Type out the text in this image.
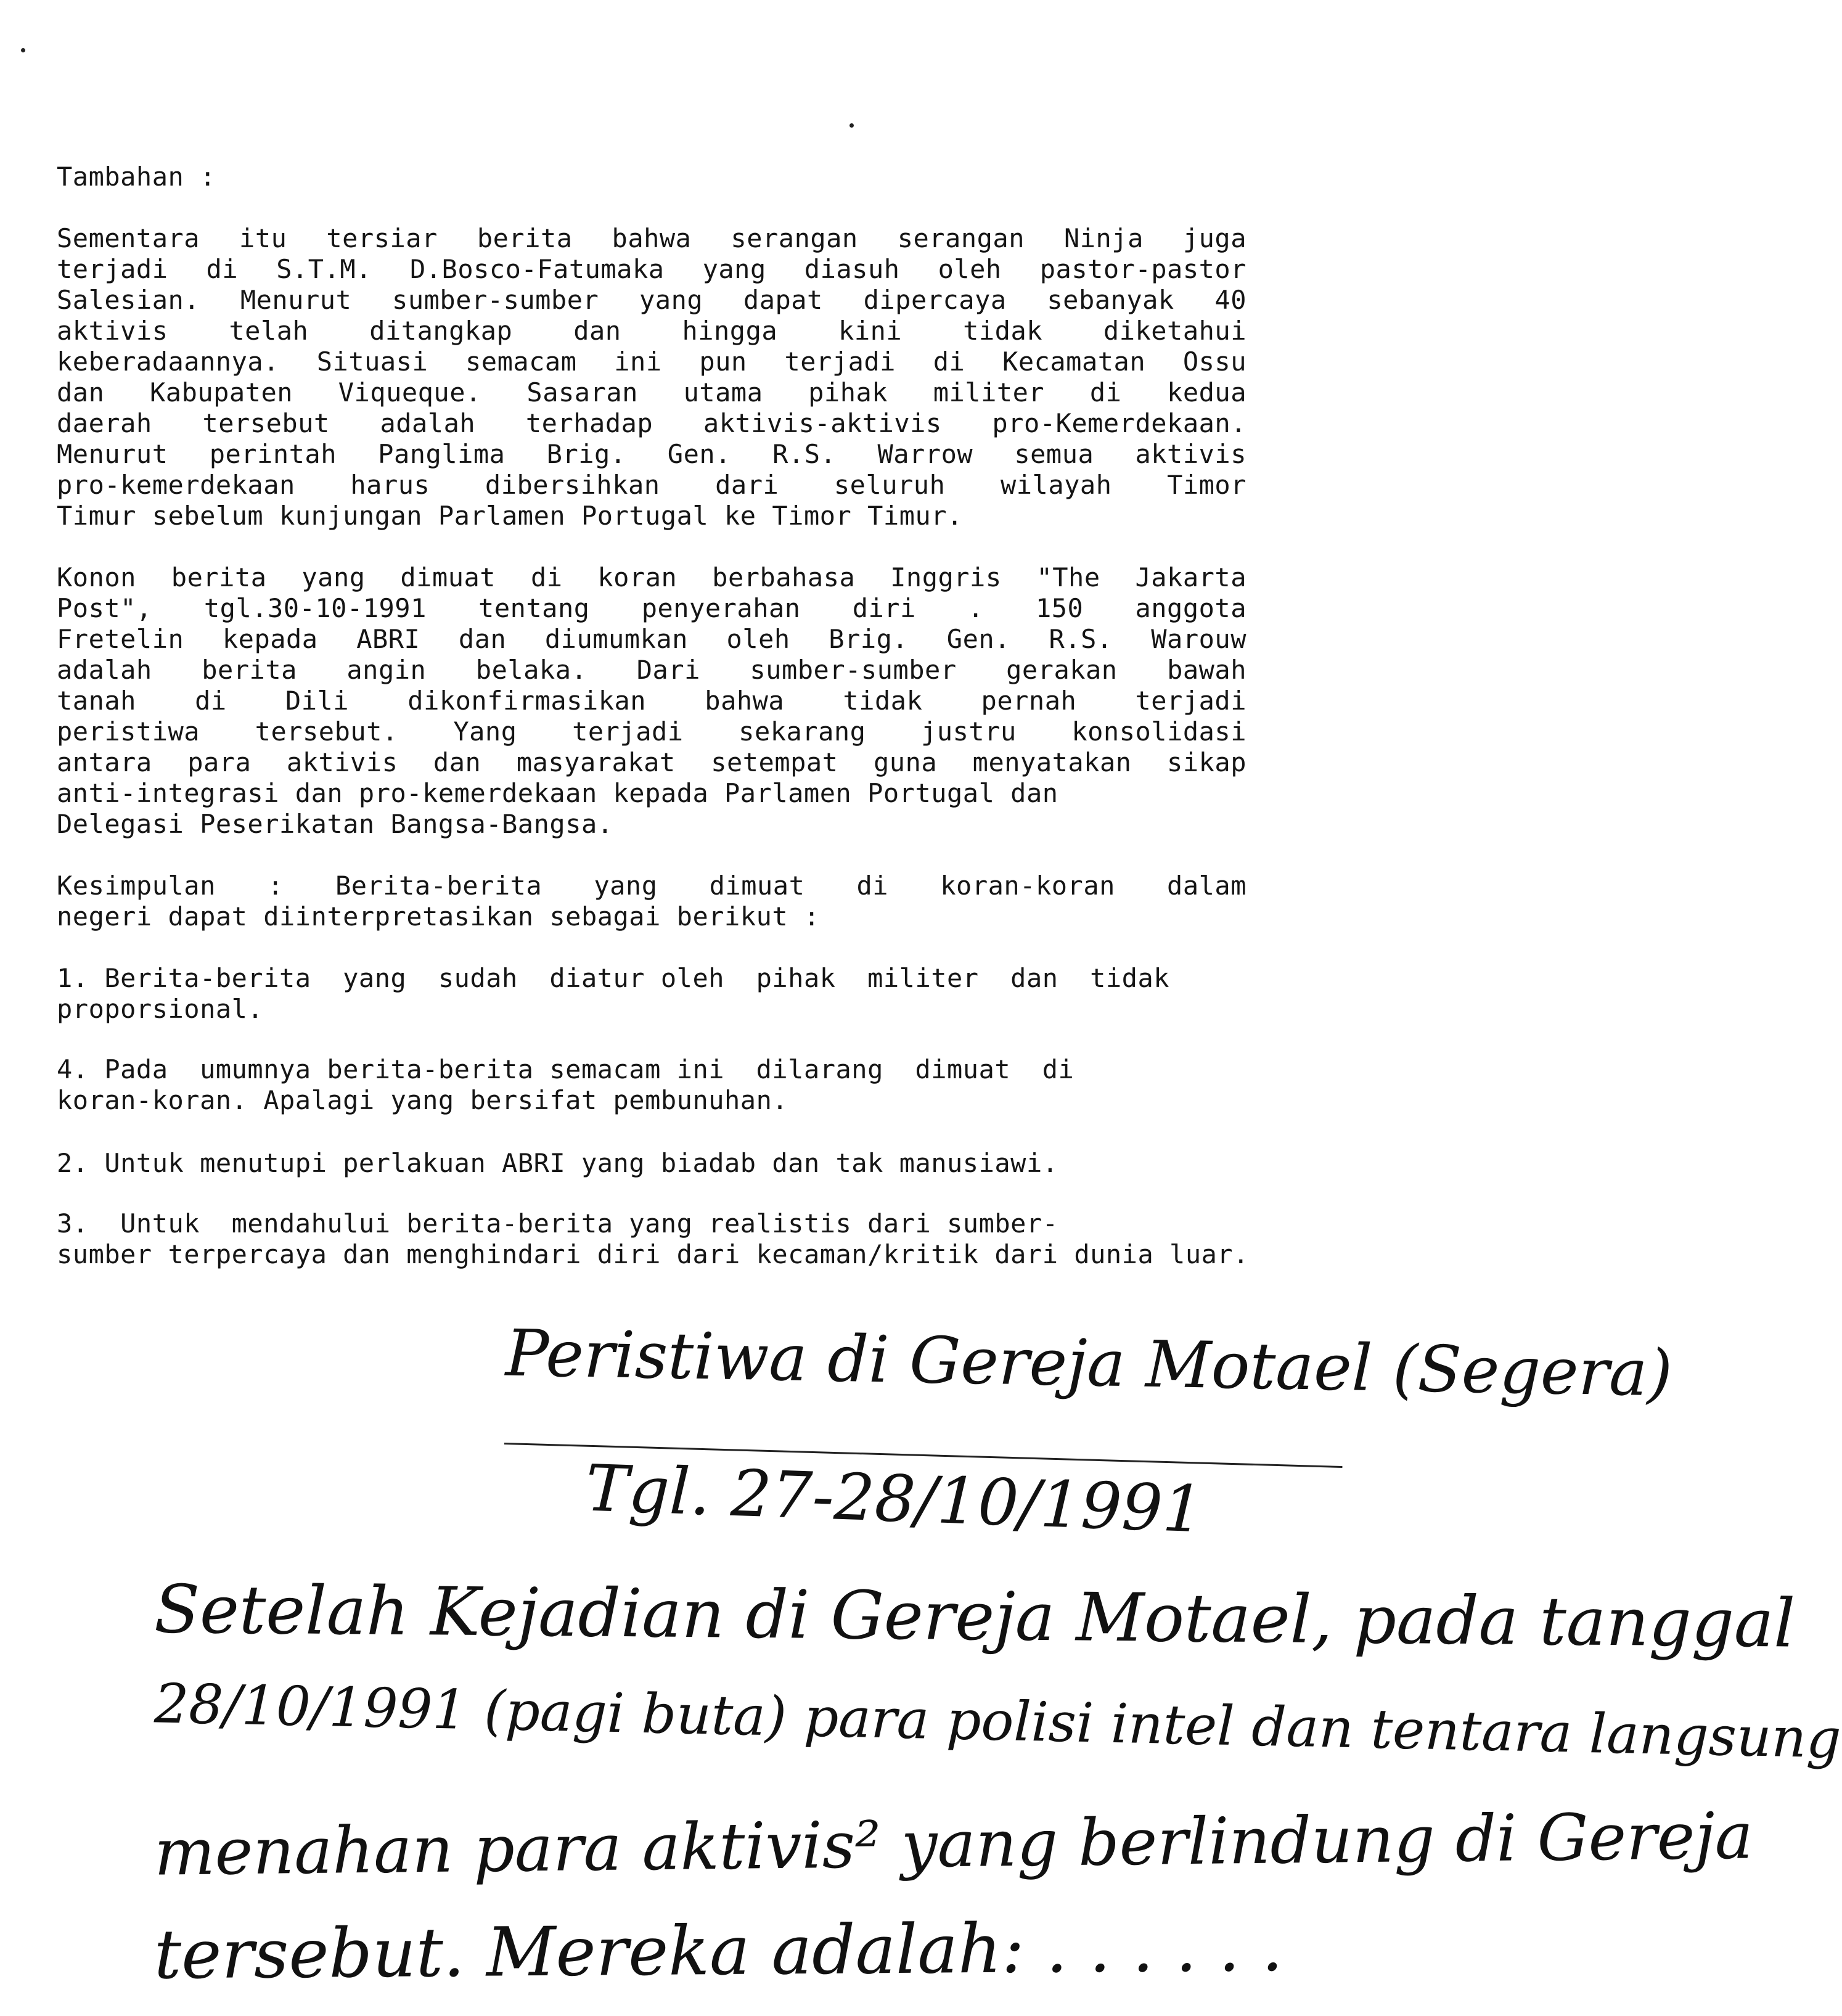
Tambahan :
Sementara itu tersiar berita bahwa serangan serangan Ninja juga
terjadi di S.T.M. D.Bosco-Fatumaka yang diasuh oleh pastor-pastor
Salesian. Menurut sumber-sumber yang dapat dipercaya sebanyak 40
aktivis telah ditangkap dan hingga kini tidak diketahui
keberadaannya. Situasi semacam ini pun terjadi di Kecamatan Ossu
dan Kabupaten Viqueque. Sasaran utama pihak militer di kedua
daerah tersebut adalah terhadap aktivis-aktivis pro-Kemerdekaan.
Menurut perintah Panglima Brig. Gen. R.S. Warrow semua aktivis
pro-kemerdekaan harus dibersihkan dari seluruh wilayah Timor
Timur sebelum kunjungan Parlamen Portugal ke Timor Timur.
Konon berita yang dimuat di koran berbahasa Inggris "The Jakarta
Post", tgl.30-10-1991 tentang penyerahan diri . 150 anggota
Fretelin kepada ABRI dan diumumkan oleh Brig. Gen. R.S. Warouw
adalah berita angin belaka. Dari sumber-sumber gerakan bawah
tanah di Dili dikonfirmasikan bahwa tidak pernah terjadi
peristiwa tersebut. Yang terjadi sekarang justru konsolidasi
antara para aktivis dan masyarakat setempat guna menyatakan sikap
anti-integrasi dan pro-kemerdekaan kepada Parlamen Portugal dan
Delegasi Peserikatan Bangsa-Bangsa.
Kesimpulan : Berita-berita yang dimuat di koran-koran dalam
negeri dapat diinterpretasikan sebagai berikut :
1. Berita-berita  yang  sudah  diatur oleh  pihak  militer  dan  tidak
proporsional.
4. Pada  umumnya berita-berita semacam ini  dilarang  dimuat  di
koran-koran. Apalagi yang bersifat pembunuhan.
2. Untuk menutupi perlakuan ABRI yang biadab dan tak manusiawi.
3.  Untuk  mendahului berita-berita yang realistis dari sumber-
sumber terpercaya dan menghindari diri dari kecaman/kritik dari dunia luar.
Peristiwa di Gereja Motael (Segera)
Tgl. 27-28/10/1991
Setelah Kejadian di Gereja Motael, pada tanggal
28/10/1991 (pagi buta) para polisi intel dan tentara langsung
menahan para aktivis² yang berlindung di Gereja
tersebut. Mereka adalah: . . . . . .
